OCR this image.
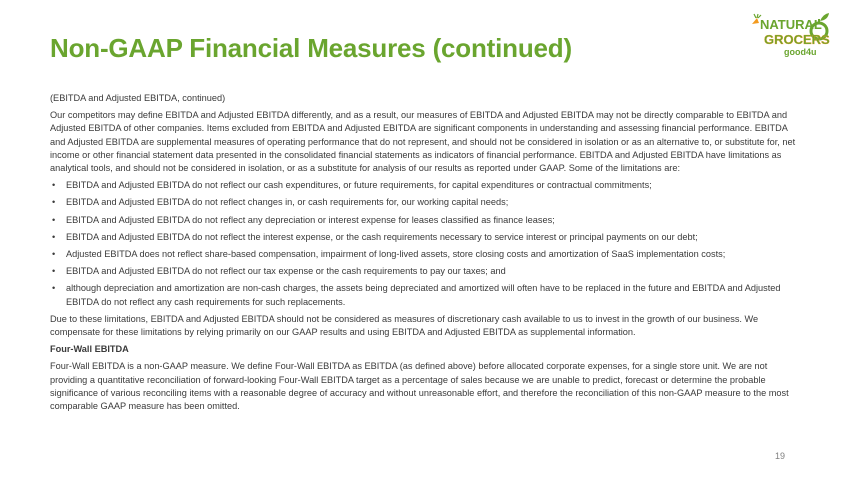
Non-GAAP Financial Measures (continued)
NATURAL
GROCERS
good4u

(EBITDA and Adjusted EBITDA, continued)

Our competitors may define EBITDA and Adjusted EBITDA differently, and as a result, our measures of EBITDA and Adjusted EBITDA may not be directly comparable to EBITDA and Adjusted EBITDA of other companies. Items excluded from EBITDA and Adjusted EBITDA are significant components in understanding and assessing financial performance. EBITDA and Adjusted EBITDA are supplemental measures of operating performance that do not represent, and should not be considered in isolation or as an alternative to, or substitute for, net income or other financial statement data presented in the consolidated financial statements as indicators of financial performance. EBITDA and Adjusted EBITDA have limitations as analytical tools, and should not be considered in isolation, or as a substitute for analysis of our results as reported under GAAP. Some of the limitations are:

• EBITDA and Adjusted EBITDA do not reflect our cash expenditures, or future requirements, for capital expenditures or contractual commitments;
• EBITDA and Adjusted EBITDA do not reflect changes in, or cash requirements for, our working capital needs;
• EBITDA and Adjusted EBITDA do not reflect any depreciation or interest expense for leases classified as finance leases;
• EBITDA and Adjusted EBITDA do not reflect the interest expense, or the cash requirements necessary to service interest or principal payments on our debt;
• Adjusted EBITDA does not reflect share-based compensation, impairment of long-lived assets, store closing costs and amortization of SaaS implementation costs;
• EBITDA and Adjusted EBITDA do not reflect our tax expense or the cash requirements to pay our taxes; and
• although depreciation and amortization are non-cash charges, the assets being depreciated and amortized will often have to be replaced in the future and EBITDA and Adjusted EBITDA do not reflect any cash requirements for such replacements.

Due to these limitations, EBITDA and Adjusted EBITDA should not be considered as measures of discretionary cash available to us to invest in the growth of our business. We compensate for these limitations by relying primarily on our GAAP results and using EBITDA and Adjusted EBITDA as supplemental information.

Four-Wall EBITDA

Four-Wall EBITDA is a non-GAAP measure. We define Four-Wall EBITDA as EBITDA (as defined above) before allocated corporate expenses, for a single store unit. We are not providing a quantitative reconciliation of forward-looking Four-Wall EBITDA target as a percentage of sales because we are unable to predict, forecast or determine the probable significance of various reconciling items with a reasonable degree of accuracy and without unreasonable effort, and therefore the reconciliation of this non-GAAP measure to the most comparable GAAP measure has been omitted.

19
